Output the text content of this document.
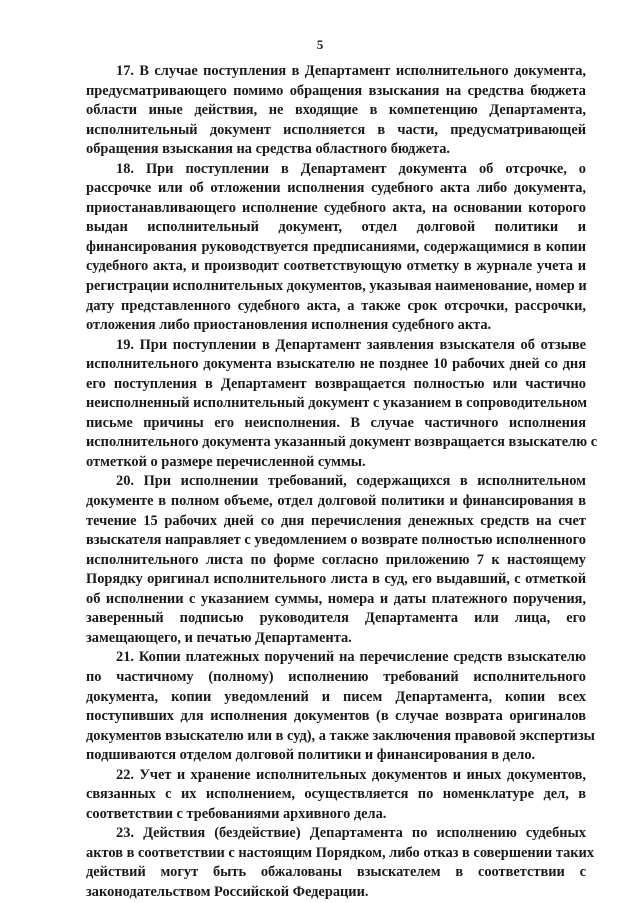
5
17. В случае поступления в Департамент исполнительного документа,
предусматривающего помимо обращения взыскания на средства бюджета
области иные действия, не входящие в компетенцию Департамента,
исполнительный документ исполняется в части, предусматривающей
обращения взыскания на средства областного бюджета.
18. При поступлении в Департамент документа об отсрочке, о
рассрочке или об отложении исполнения судебного акта либо документа,
приостанавливающего исполнение судебного акта, на основании которого
выдан исполнительный документ, отдел долговой политики и
финансирования руководствуется предписаниями, содержащимися в копии
судебного акта, и производит соответствующую отметку в журнале учета и
регистрации исполнительных документов, указывая наименование, номер и
дату представленного судебного акта, а также срок отсрочки, рассрочки,
отложения либо приостановления исполнения судебного акта.
19. При поступлении в Департамент заявления взыскателя об отзыве
исполнительного документа взыскателю не позднее 10 рабочих дней со дня
его поступления в Департамент возвращается полностью или частично
неисполненный исполнительный документ с указанием в сопроводительном
письме причины его неисполнения. В случае частичного исполнения
исполнительного документа указанный документ возвращается взыскателю с
отметкой о размере перечисленной суммы.
20. При исполнении требований, содержащихся в исполнительном
документе в полном объеме, отдел долговой политики и финансирования в
течение 15 рабочих дней со дня перечисления денежных средств на счет
взыскателя направляет с уведомлением о возврате полностью исполненного
исполнительного листа по форме согласно приложению 7 к настоящему
Порядку оригинал исполнительного листа в суд, его выдавший, с отметкой
об исполнении с указанием суммы, номера и даты платежного поручения,
заверенный подписью руководителя Департамента или лица, его
замещающего, и печатью Департамента.
21. Копии платежных поручений на перечисление средств взыскателю
по частичному (полному) исполнению требований исполнительного
документа, копии уведомлений и писем Департамента, копии всех
поступивших для исполнения документов (в случае возврата оригиналов
документов взыскателю или в суд), а также заключения правовой экспертизы
подшиваются отделом долговой политики и финансирования в дело.
22. Учет и хранение исполнительных документов и иных документов,
связанных с их исполнением, осуществляется по номенклатуре дел, в
соответствии с требованиями архивного дела.
23. Действия (бездействие) Департамента по исполнению судебных
актов в соответствии с настоящим Порядком, либо отказ в совершении таких
действий могут быть обжалованы взыскателем в соответствии с
законодательством Российской Федерации.
